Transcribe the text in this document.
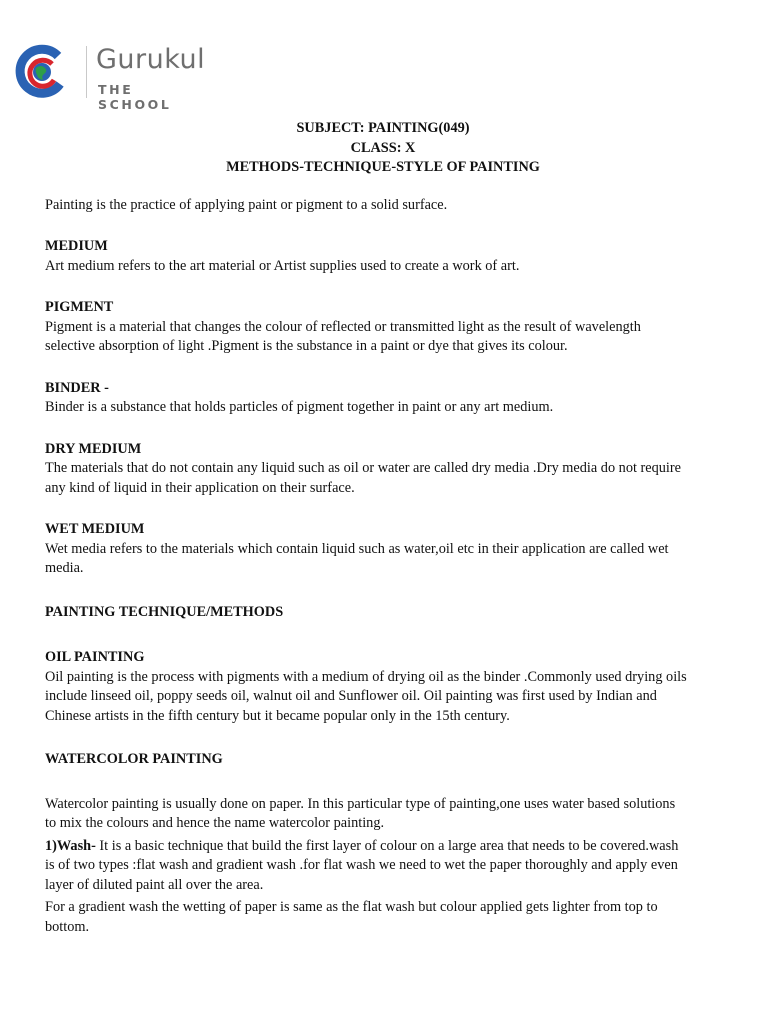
Gurukul
THE SCHOOL
SUBJECT: PAINTING(049)
CLASS: X
METHODS-TECHNIQUE-STYLE OF PAINTING

Painting is the practice of applying paint or pigment to a solid surface.

MEDIUM

Art medium refers to the art material or Artist supplies used to create a work of art.

PIGMENT

Pigment is a material that changes the colour of reflected or transmitted light as the result of wavelength

selective absorption of light .Pigment is the substance in a paint or dye that gives its colour.

BINDER -

Binder is a substance that holds particles of pigment together in paint or any art medium.

DRY MEDIUM

The materials that do not contain any liquid such as oil or water are called dry media .Dry media do not require

any kind of liquid in their application on their surface.

WET MEDIUM

Wet media refers to the materials which contain liquid such as water,oil etc in their application are called wet

media.

PAINTING TECHNIQUE/METHODS

OIL PAINTING

Oil painting is the process with pigments with a medium of drying oil as the binder .Commonly used drying oils

include linseed oil, poppy seeds oil, walnut oil and Sunflower oil. Oil painting was first used by Indian and

Chinese artists in the fifth century but it became popular only in the 15th century.

WATERCOLOR PAINTING

Watercolor painting is usually done on paper. In this particular type of painting,one uses water based solutions

to mix the colours and hence the name watercolor painting.

1)Wash- It is a basic technique that build the first layer of colour on a large area that needs to be covered.wash

is of two types :flat wash and gradient wash .for flat wash we need to wet the paper thoroughly and apply even

layer of diluted paint all over the area.

For a gradient wash the wetting of paper is same as the flat wash but colour applied gets lighter from top to

bottom.
